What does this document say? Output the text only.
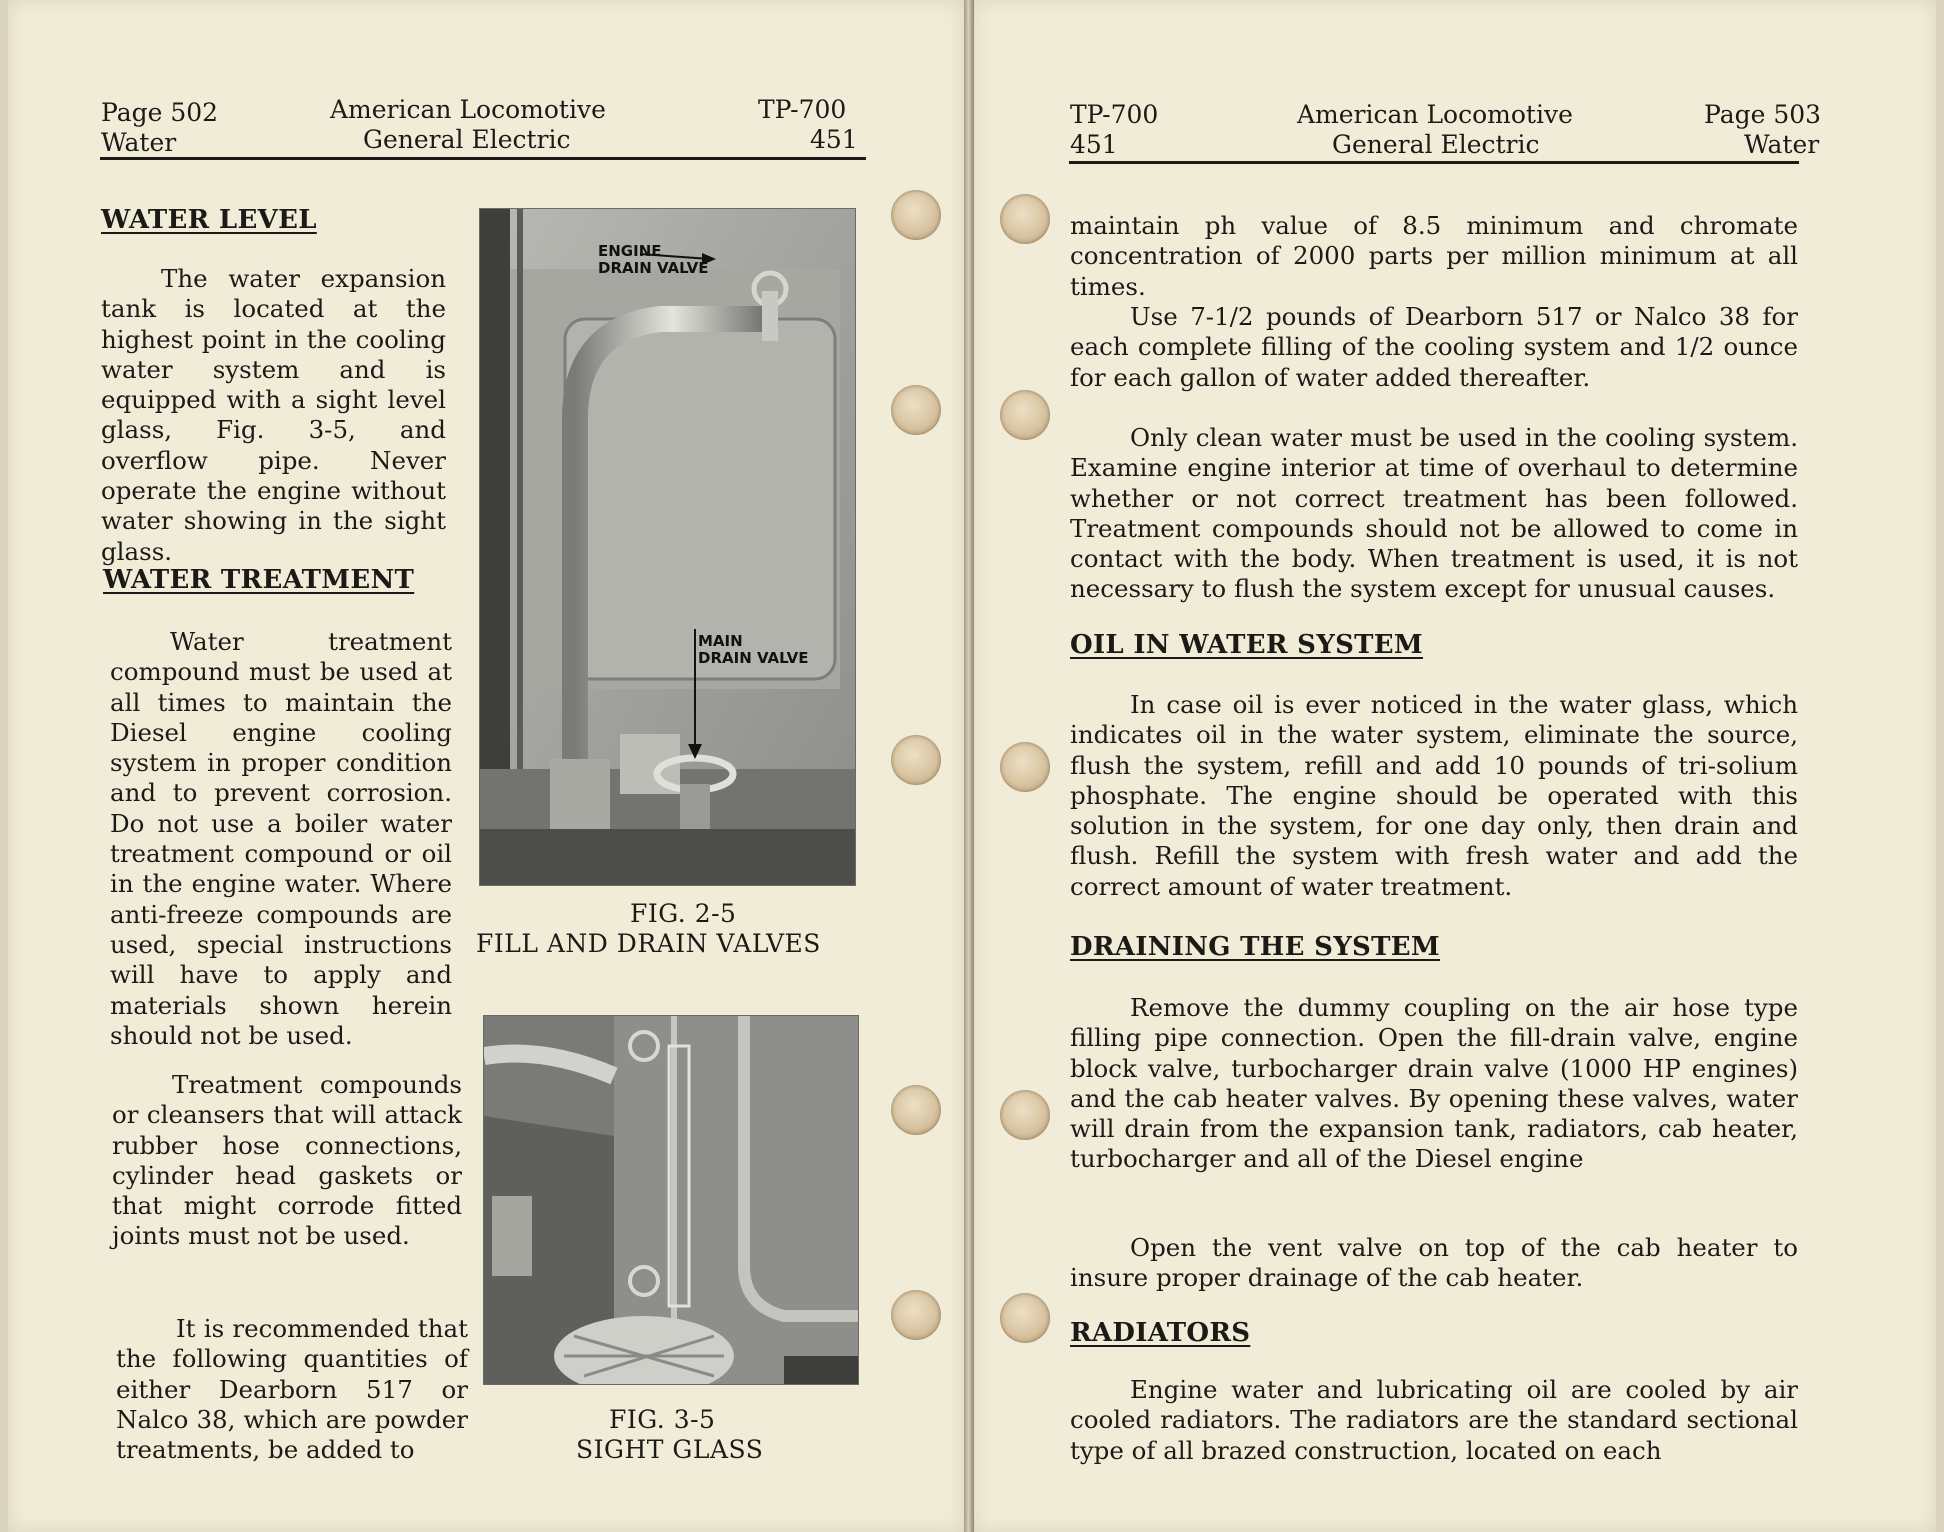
Page 502
Water
American Locomotive
General Electric
TP-700
451
WATER LEVEL

The water expansion tank is located at the highest point in the cooling water system and is equipped with a sight level glass, Fig. 3-5, and overflow pipe. Never operate the engine without water showing in the sight glass.

WATER TREATMENT

Water treatment compound must be used at all times to maintain the Diesel engine cooling system in proper condition and to prevent corrosion. Do not use a boiler water treatment compound or oil in the engine water. Where anti-freeze compounds are used, special instructions will have to apply and materials shown herein should not be used.

Treatment compounds or cleansers that will attack rubber hose connections, cylinder head gaskets or that might corrode fitted joints must not be used.

It is recommended that the following quantities of either Dearborn 517 or Nalco 38, which are powder treatments, be added to

ENGINE
DRAIN VALVE
MAIN
DRAIN VALVE
FIG. 2-5
FILL AND DRAIN VALVES
FIG. 3-5
SIGHT GLASS
TP-700
451
American Locomotive
General Electric
Page 503
Water

maintain ph value of 8.5 minimum and chromate concentration of 2000 parts per million minimum at all times.

Use 7-1/2 pounds of Dearborn 517 or Nalco 38 for each complete filling of the cooling system and 1/2 ounce for each gallon of water added thereafter.

Only clean water must be used in the cooling system. Examine engine interior at time of overhaul to determine whether or not correct treatment has been followed. Treatment compounds should not be allowed to come in contact with the body. When treatment is used, it is not necessary to flush the system except for unusual causes.

OIL IN WATER SYSTEM

In case oil is ever noticed in the water glass, which indicates oil in the water system, eliminate the source, flush the system, refill and add 10 pounds of tri-solium phosphate. The engine should be operated with this solution in the system, for one day only, then drain and flush. Refill the system with fresh water and add the correct amount of water treatment.

DRAINING THE SYSTEM

Remove the dummy coupling on the air hose type filling pipe connection. Open the fill-drain valve, engine block valve, turbocharger drain valve (1000 HP engines) and the cab heater valves. By opening these valves, water will drain from the expansion tank, radiators, cab heater, turbocharger and all of the Diesel engine

Open the vent valve on top of the cab heater to insure proper drainage of the cab heater.

RADIATORS

Engine water and lubricating oil are cooled by air cooled radiators. The radiators are the standard sectional type of all brazed construction, located on each
